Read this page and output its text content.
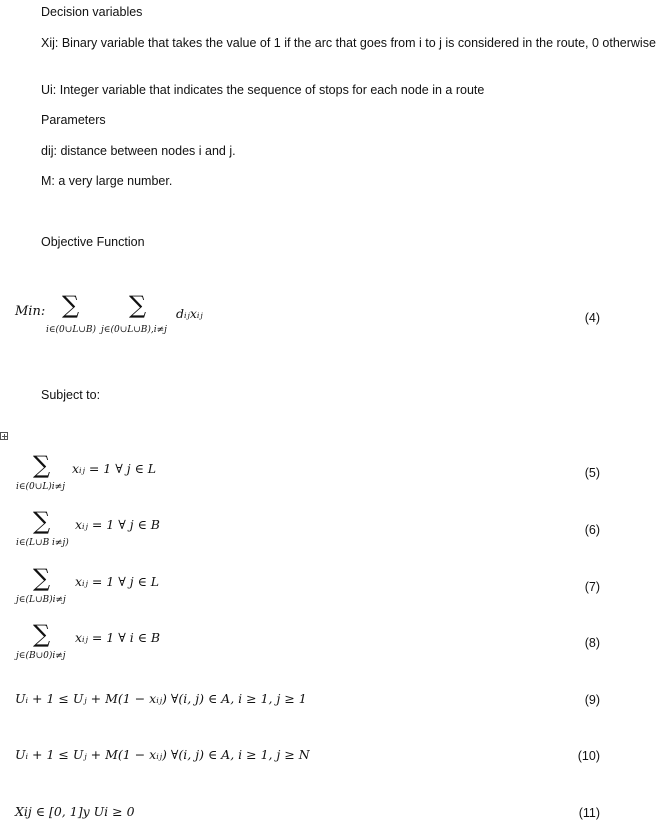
Decision variables
Xij: Binary variable that takes the value of 1 if the arc that goes from i to j is considered in the route, 0 otherwise
Ui: Integer variable that indicates the sequence of stops for each node in a route
Parameters
dij: distance between nodes i and j.
M: a very large number.
Objective Function
Min: ∑ ∑
i∈(0∪L∪B) j∈(0∪L∪B),i≠j
dᵢⱼxᵢⱼ	(4)
Subject to:
∑
i∈(0∪L)i≠j
xᵢⱼ = 1 ∀ j ∈ L	(5)
∑
i∈(L∪B i≠j)
xᵢⱼ = 1 ∀ j ∈ B	(6)
∑
j∈(L∪B)i≠j
xᵢⱼ = 1 ∀ j ∈ L	(7)
∑
j∈(B∪0)i≠j
xᵢⱼ = 1 ∀ i ∈ B	(8)
Uᵢ + 1 ≤ Uⱼ + M(1 − xᵢⱼ) ∀(i, j) ∈ A, i ≥ 1, j ≥ 1	(9)
Uᵢ + 1 ≤ Uⱼ + M(1 − xᵢⱼ) ∀(i, j) ∈ A, i ≥ 1, j ≥ N	(10)
Xij ∈ [0, 1]y Ui ≥ 0	(11)
